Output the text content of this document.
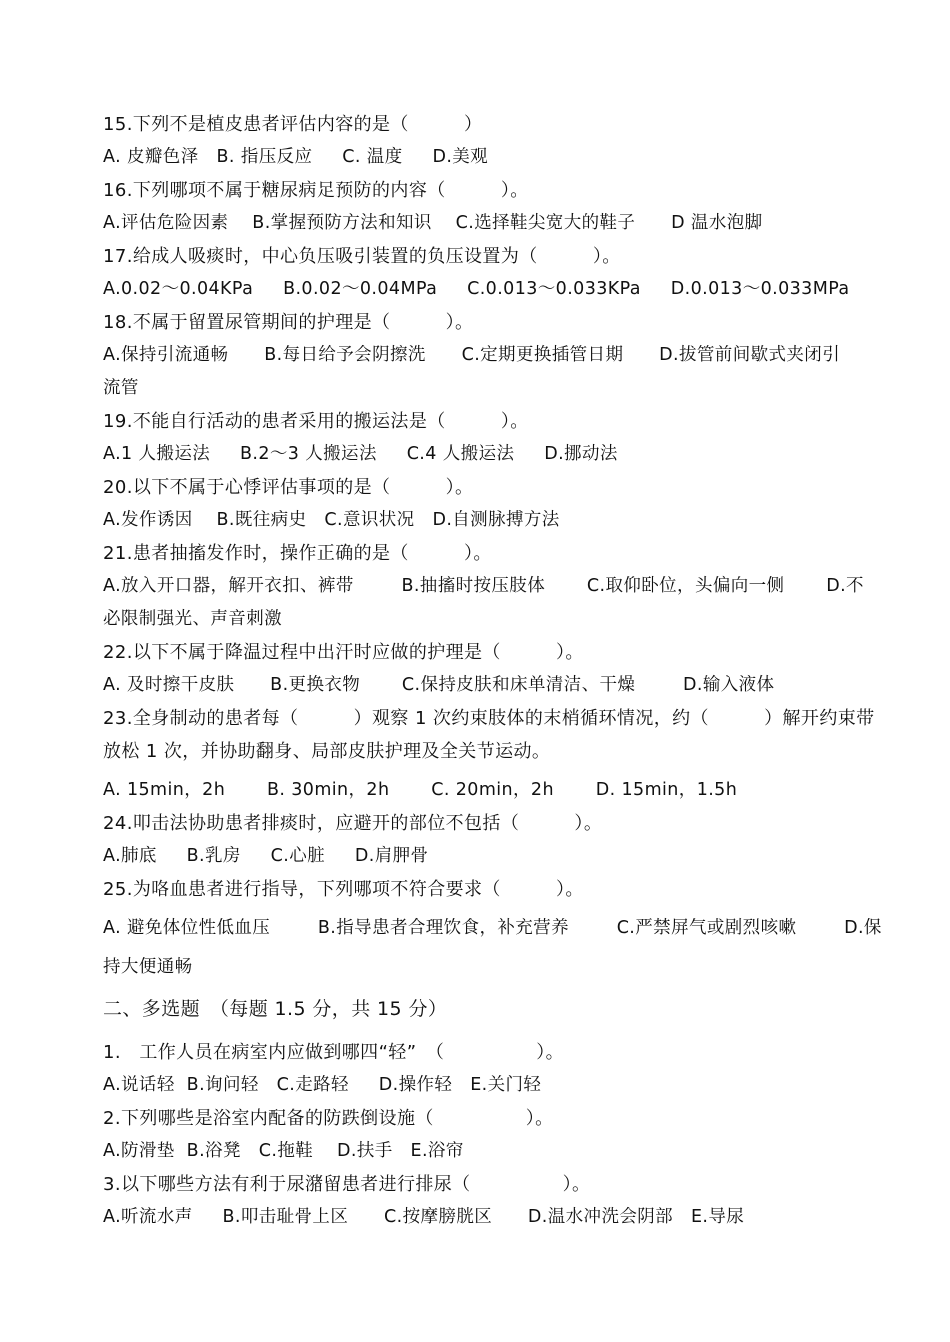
15.下列不是植皮患者评估内容的是（　　　）
A. 皮瓣色泽 B. 指压反应 C. 温度 D.美观
16.下列哪项不属于糖尿病足预防的内容（　　　）。
A.评估危险因素 B.掌握预防方法和知识 C.选择鞋尖宽大的鞋子 D 温水泡脚
17.给成人吸痰时，中心负压吸引装置的负压设置为（　　　）。
A.0.02～0.04KPa B.0.02～0.04MPa C.0.013～0.033KPa D.0.013～0.033MPa
18.不属于留置尿管期间的护理是（　　　）。
A.保持引流通畅 B.每日给予会阴擦洗 C.定期更换插管日期 D.拔管前间歇式夹闭引
流管
19.不能自行活动的患者采用的搬运法是（　　　）。
A.1 人搬运法 B.2～3 人搬运法 C.4 人搬运法 D.挪动法
20.以下不属于心悸评估事项的是（　　　）。
A.发作诱因 B.既往病史 C.意识状况 D.自测脉搏方法
21.患者抽搐发作时，操作正确的是（　　　）。
A.放入开口器，解开衣扣、裤带	B.抽搐时按压肢体 C.取仰卧位，头偏向一侧 D.不
必限制强光、声音刺激
22.以下不属于降温过程中出汗时应做的护理是（　　　）。
A. 及时擦干皮肤 B.更换衣物 C.保持皮肤和床单清洁、干燥	D.输入液体
23.全身制动的患者每（　　　）观察 1 次约束肢体的末梢循环情况，约（　　　）解开约束带
放松 1 次，并协助翻身、局部皮肤护理及全关节运动。
A. 15min，2h B. 30min，2h C. 20min，2h D. 15min，1.5h
24.叩击法协助患者排痰时，应避开的部位不包括（　　　）。
A.肺底 B.乳房 C.心脏 D.肩胛骨
25.为咯血患者进行指导，下列哪项不符合要求（　　　）。
A. 避免体位性低血压	B.指导患者合理饮食，补充营养	C.严禁屏气或剧烈咳嗽	D.保
持大便通畅
二、多选题　（每题 1.5 分，共 15 分）
1.　工作人员在病室内应做到哪四“轻”　（　　　　　）。
A.说话轻 B.询问轻 C.走路轻 D.操作轻 E.关门轻
2.下列哪些是浴室内配备的防跌倒设施（　　　　　）。
A.防滑垫 B.浴凳 C.拖鞋 D.扶手 E.浴帘
3.以下哪些方法有利于尿潴留患者进行排尿（　　　　　）。
A.听流水声 B.叩击耻骨上区 C.按摩膀胱区 D.温水冲洗会阴部 E.导尿
